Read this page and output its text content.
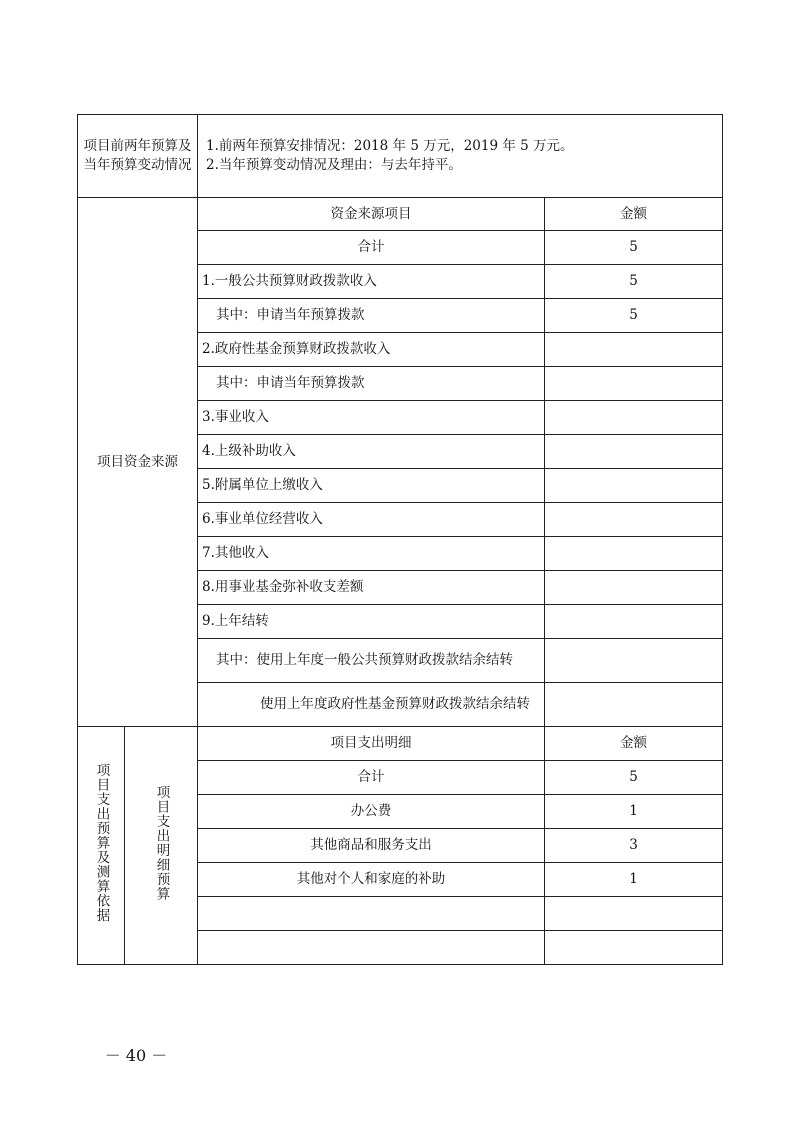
项目前两年预算及当年预算变动情况		1.前两年预算安排情况：2018 年 5 万元，2019 年 5 万元。
2.当年预算变动情况及理由：与去年持平。	

项目资金来源		资金来源项目	金额
		合计	5
		1.一般公共预算财政拨款收入	5
		其中：申请当年预算拨款	5
		2.政府性基金预算财政拨款收入	
		其中：申请当年预算拨款	
		3.事业收入	
		4.上级补助收入	
		5.附属单位上缴收入	
		6.事业单位经营收入	
		7.其他收入	
		8.用事业基金弥补收支差额	
		9.上年结转	
		其中：使用上年度一般公共预算财政拨款结余结转	
		使用上年度政府性基金预算财政拨款结余结转	
项目支出预算及测算依据	项目支出明细预算	项目支出明细	金额
		合计	5
		办公费	1
		其他商品和服务支出	3
		其他对个人和家庭的补助	1

－ 40 －
